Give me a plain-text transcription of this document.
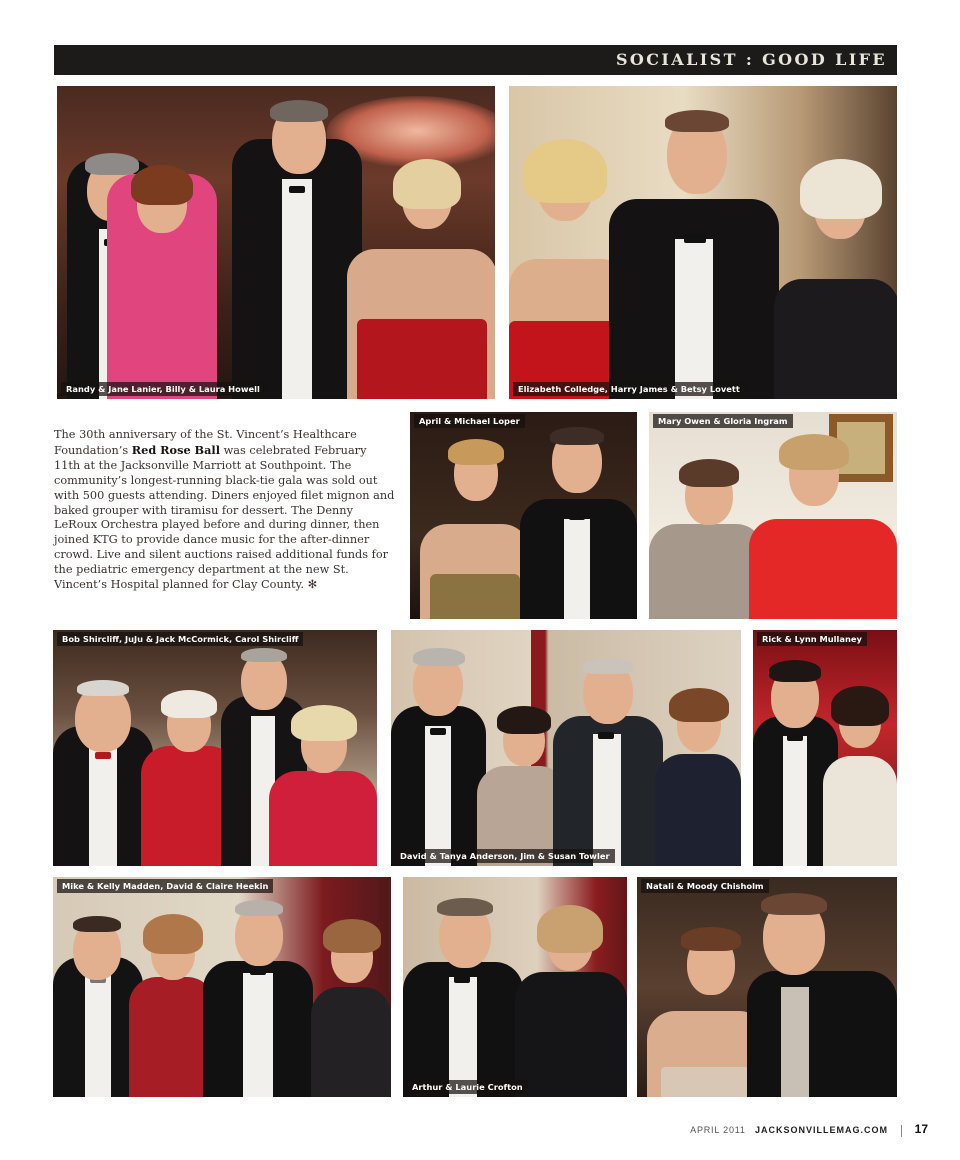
SOCIALIST : GOOD LIFE
Randy & Jane Lanier, Billy & Laura Howell	Elizabeth Colledge, Harry James & Betsy Lovett
The 30th anniversary of the St. Vincent’s Healthcare Foundation’s Red Rose Ball was celebrated February 11th at the Jacksonville Marriott at Southpoint. The community’s longest-running black-tie gala was sold out with 500 guests attending. Diners enjoyed filet mignon and baked grouper with tiramisu for dessert. The Denny LeRoux Orchestra played before and during dinner, then joined KTG to provide dance music for the after-dinner crowd. Live and silent auctions raised additional funds for the pediatric emergency department at the new St. Vincent’s Hospital planned for Clay County. ✻
April & Michael Loper	Mary Owen & Gloria Ingram
Bob Shircliff, JuJu & Jack McCormick, Carol Shircliff
David & Tanya Anderson, Jim & Susan Towler
Rick & Lynn Mullaney
Mike & Kelly Madden, David & Claire Heekin
Arthur & Laurie Crofton
Natali & Moody Chisholm
APRIL 2011 JACKSONVILLEMAG.COM 17
